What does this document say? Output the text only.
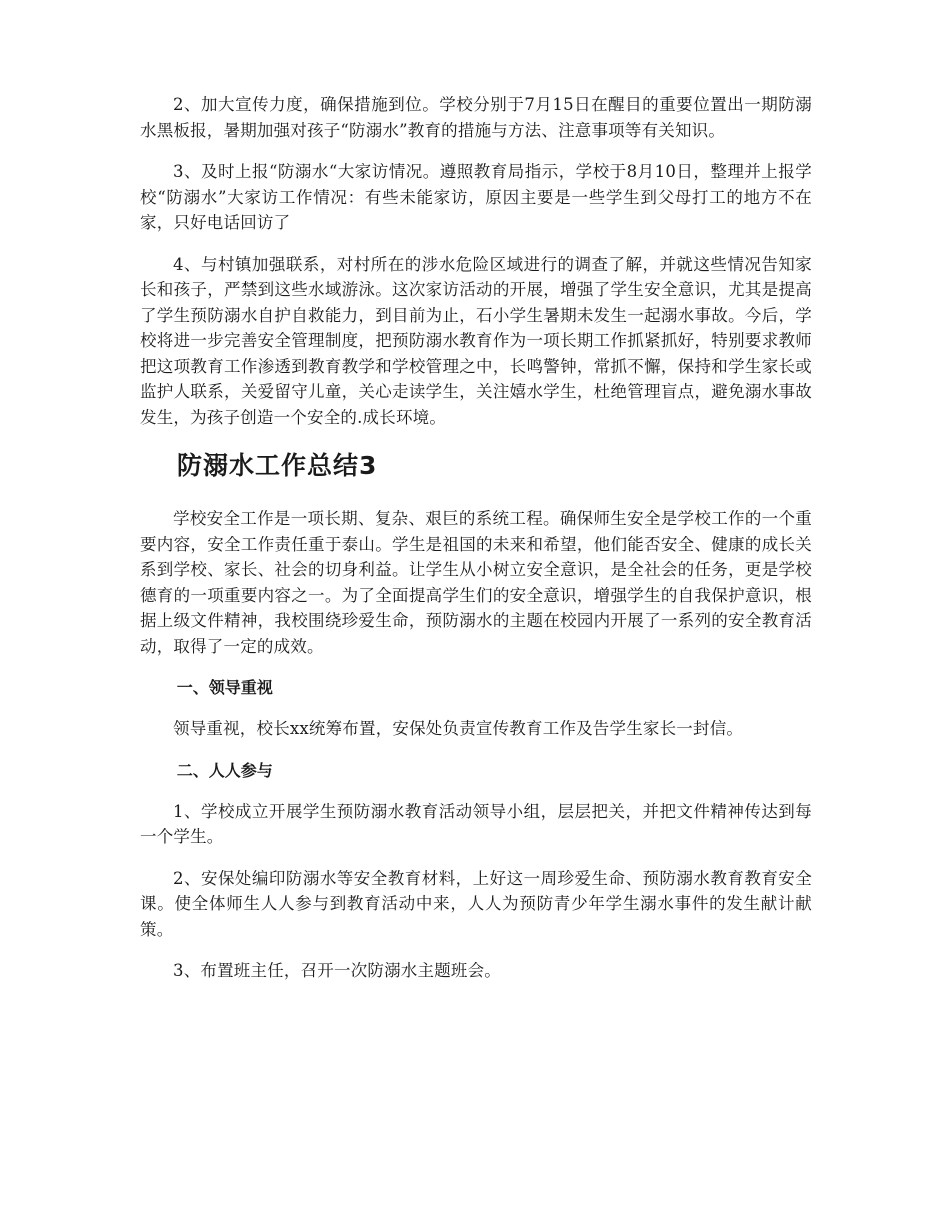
2、加大宣传力度，确保措施到位。学校分别于7月15日在醒目的重要位置出一期防溺水黑板报，暑期加强对孩子“防溺水”教育的措施与方法、注意事项等有关知识。

3、及时上报“防溺水“大家访情况。遵照教育局指示，学校于8月10日，整理并上报学校“防溺水”大家访工作情况：有些未能家访，原因主要是一些学生到父母打工的地方不在家，只好电话回访了

4、与村镇加强联系，对村所在的涉水危险区域进行的调查了解，并就这些情况告知家长和孩子，严禁到这些水域游泳。这次家访活动的开展，增强了学生安全意识，尤其是提高了学生预防溺水自护自救能力，到目前为止，石小学生暑期未发生一起溺水事故。今后，学校将进一步完善安全管理制度，把预防溺水教育作为一项长期工作抓紧抓好，特别要求教师把这项教育工作渗透到教育教学和学校管理之中，长鸣警钟，常抓不懈，保持和学生家长或监护人联系，关爱留守儿童，关心走读学生，关注嬉水学生，杜绝管理盲点，避免溺水事故发生，为孩子创造一个安全的.成长环境。

防溺水工作总结3

学校安全工作是一项长期、复杂、艰巨的系统工程。确保师生安全是学校工作的一个重要内容，安全工作责任重于泰山。学生是祖国的未来和希望，他们能否安全、健康的成长关系到学校、家长、社会的切身利益。让学生从小树立安全意识，是全社会的任务，更是学校德育的一项重要内容之一。为了全面提高学生们的安全意识，增强学生的自我保护意识，根据上级文件精神，我校围绕珍爱生命，预防溺水的主题在校园内开展了一系列的安全教育活动，取得了一定的成效。

一、领导重视

领导重视，校长xx统筹布置，安保处负责宣传教育工作及告学生家长一封信。

二、人人参与

1、学校成立开展学生预防溺水教育活动领导小组，层层把关，并把文件精神传达到每一个学生。

2、安保处编印防溺水等安全教育材料，上好这一周珍爱生命、预防溺水教育教育安全课。使全体师生人人参与到教育活动中来，人人为预防青少年学生溺水事件的发生献计献策。

3、布置班主任，召开一次防溺水主题班会。
